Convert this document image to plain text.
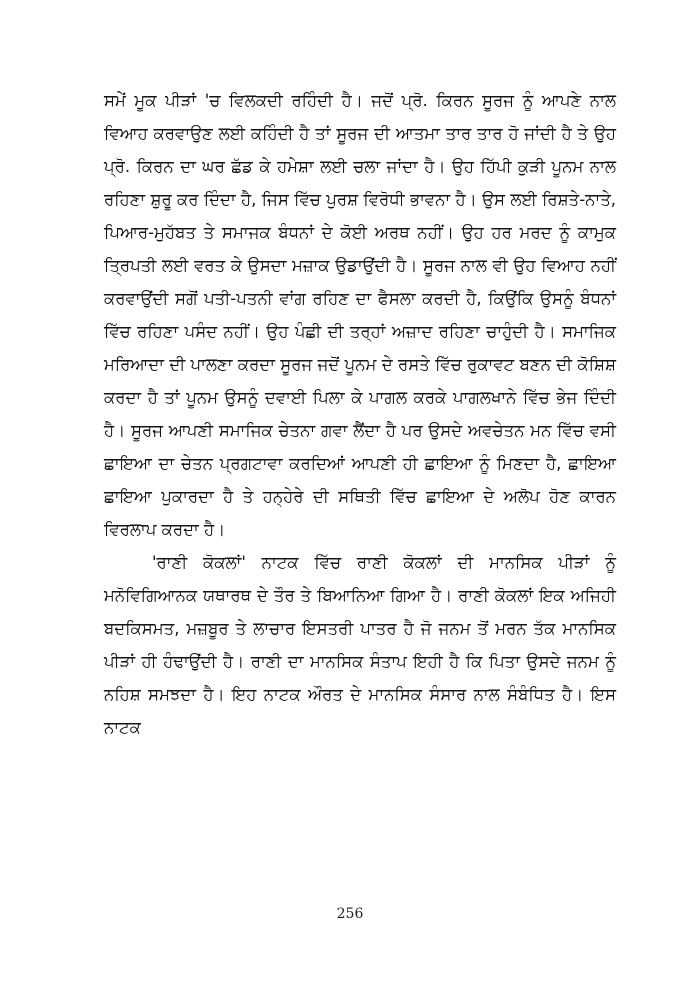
ਸਮੇਂ ਮੂਕ ਪੀੜਾਂ 'ਚ ਵਿਲਕਦੀ ਰਹਿੰਦੀ ਹੈ। ਜਦੋਂ ਪ੍ਰੋ. ਕਿਰਨ ਸੂਰਜ ਨੂੰ ਆਪਣੇ ਨਾਲ ਵਿਆਹ ਕਰਵਾਉਣ ਲਈ ਕਹਿੰਦੀ ਹੈ ਤਾਂ ਸੂਰਜ ਦੀ ਆਤਮਾ ਤਾਰ ਤਾਰ ਹੋ ਜਾਂਦੀ ਹੈ ਤੇ ਉਹ ਪ੍ਰੋ. ਕਿਰਨ ਦਾ ਘਰ ਛੱਡ ਕੇ ਹਮੇਸ਼ਾ ਲਈ ਚਲਾ ਜਾਂਦਾ ਹੈ। ਉਹ ਹਿੱਪੀ ਕੁੜੀ ਪੂਨਮ ਨਾਲ ਰਹਿਣਾ ਸ਼ੁਰੂ ਕਰ ਦਿੰਦਾ ਹੈ, ਜਿਸ ਵਿੱਚ ਪੁਰਸ਼ ਵਿਰੋਧੀ ਭਾਵਨਾ ਹੈ। ਉਸ ਲਈ ਰਿਸ਼ਤੇ-ਨਾਤੇ, ਪਿਆਰ-ਮੁਹੱਬਤ ਤੇ ਸਮਾਜਕ ਬੰਧਨਾਂ ਦੇ ਕੋਈ ਅਰਥ ਨਹੀਂ। ਉਹ ਹਰ ਮਰਦ ਨੂੰ ਕਾਮੁਕ ਤ੍ਰਿਪਤੀ ਲਈ ਵਰਤ ਕੇ ਉਸਦਾ ਮਜ਼ਾਕ ਉਡਾਉਂਦੀ ਹੈ। ਸੂਰਜ ਨਾਲ ਵੀ ਉਹ ਵਿਆਹ ਨਹੀਂ ਕਰਵਾਉਂਦੀ ਸਗੋਂ ਪਤੀ-ਪਤਨੀ ਵਾਂਗ ਰਹਿਣ ਦਾ ਫੈਸਲਾ ਕਰਦੀ ਹੈ, ਕਿਉਂਕਿ ਉਸਨੂੰ ਬੰਧਨਾਂ ਵਿੱਚ ਰਹਿਣਾ ਪਸੰਦ ਨਹੀਂ। ਉਹ ਪੰਛੀ ਦੀ ਤਰ੍ਹਾਂ ਅਜ਼ਾਦ ਰਹਿਣਾ ਚਾਹੁੰਦੀ ਹੈ। ਸਮਾਜਿਕ ਮਰਿਆਦਾ ਦੀ ਪਾਲਣਾ ਕਰਦਾ ਸੂਰਜ ਜਦੋਂ ਪੂਨਮ ਦੇ ਰਸਤੇ ਵਿੱਚ ਰੁਕਾਵਟ ਬਣਨ ਦੀ ਕੋਸ਼ਿਸ਼ ਕਰਦਾ ਹੈ ਤਾਂ ਪੂਨਮ ਉਸਨੂੰ ਦਵਾਈ ਪਿਲਾ ਕੇ ਪਾਗਲ ਕਰਕੇ ਪਾਗਲਖਾਨੇ ਵਿੱਚ ਭੇਜ ਦਿੰਦੀ ਹੈ। ਸੂਰਜ ਆਪਣੀ ਸਮਾਜਿਕ ਚੇਤਨਾ ਗਵਾ ਲੈਂਦਾ ਹੈ ਪਰ ਉਸਦੇ ਅਵਚੇਤਨ ਮਨ ਵਿੱਚ ਵਸੀ ਛਾਇਆ ਦਾ ਚੇਤਨ ਪ੍ਰਗਟਾਵਾ ਕਰਦਿਆਂ ਆਪਣੀ ਹੀ ਛਾਇਆ ਨੂੰ ਮਿਣਦਾ ਹੈ, ਛਾਇਆ ਛਾਇਆ ਪੁਕਾਰਦਾ ਹੈ ਤੇ ਹਨ੍ਹੇਰੇ ਦੀ ਸਥਿਤੀ ਵਿੱਚ ਛਾਇਆ ਦੇ ਅਲੋਪ ਹੋਣ ਕਾਰਨ ਵਿਰਲਾਪ ਕਰਦਾ ਹੈ।

'ਰਾਣੀ ਕੋਕਲਾਂ' ਨਾਟਕ ਵਿੱਚ ਰਾਣੀ ਕੋਕਲਾਂ ਦੀ ਮਾਨਸਿਕ ਪੀੜਾਂ ਨੂੰ ਮਨੋਵਿਗਿਆਨਕ ਯਥਾਰਥ ਦੇ ਤੌਰ ਤੇ ਬਿਆਨਿਆ ਗਿਆ ਹੈ। ਰਾਣੀ ਕੋਕਲਾਂ ਇਕ ਅਜਿਹੀ ਬਦਕਿਸਮਤ, ਮਜ਼ਬੂਰ ਤੇ ਲਾਚਾਰ ਇਸਤਰੀ ਪਾਤਰ ਹੈ ਜੋ ਜਨਮ ਤੋਂ ਮਰਨ ਤੱਕ ਮਾਨਸਿਕ ਪੀੜਾਂ ਹੀ ਹੰਢਾਉਂਦੀ ਹੈ। ਰਾਣੀ ਦਾ ਮਾਨਸਿਕ ਸੰਤਾਪ ਇਹੀ ਹੈ ਕਿ ਪਿਤਾ ਉਸਦੇ ਜਨਮ ਨੂੰ ਨਹਿਸ਼ ਸਮਝਦਾ ਹੈ। ਇਹ ਨਾਟਕ ਔਰਤ ਦੇ ਮਾਨਸਿਕ ਸੰਸਾਰ ਨਾਲ ਸੰਬੰਧਿਤ ਹੈ। ਇਸ ਨਾਟਕ

256
